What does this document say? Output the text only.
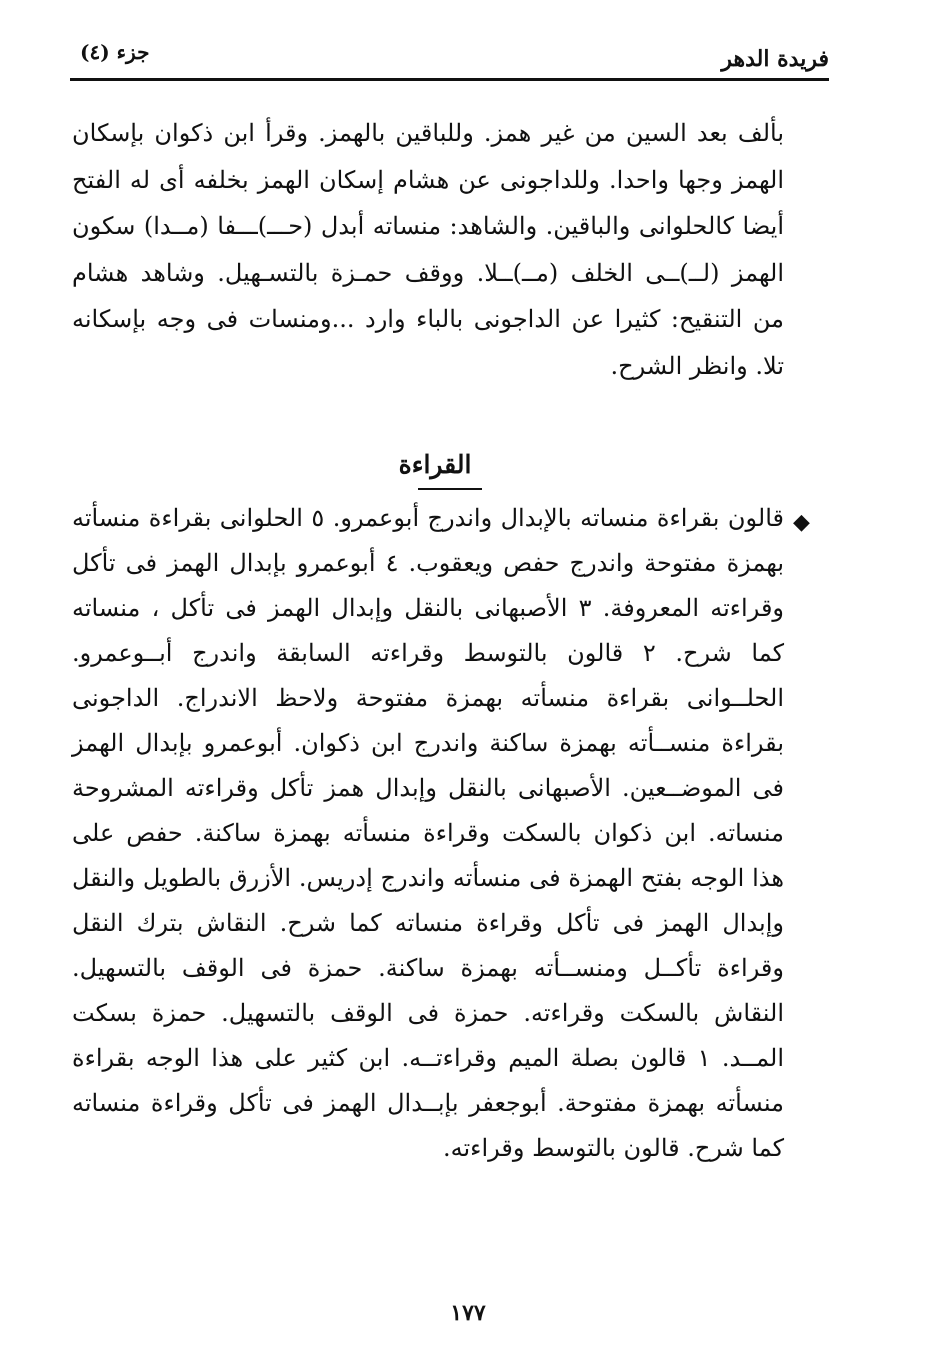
جزء (٤)	فريدة الدهر
بألف بعد السين من غير همز. وللباقين بالهمز. وقرأ ابن ذكوان بإسكان الهمز وجها واحدا. وللداجونى عن هشام إسكان الهمز بخلفه أى له الفتح أيضا كالحلوانى والباقين. والشاهد: منساته أبدل (حـــ)ـــفا (مــدا) سكون الهمز (لــ)ــى الخلف (مــ)ــلا. ووقف حمـزة بالتسـهيل. وشاهد هشام من التنقيح: كثيرا عن الداجونى بالباء وارد ...ومنسات فى وجه بإسكانه تلا. وانظر الشرح.
القراءة
◆
قالون بقراءة منساته بالإبدال واندرج أبوعمرو. ٥ الحلوانى بقراءة منسأته بهمزة مفتوحة واندرج حفص ويعقوب. ٤ أبوعمرو بإبدال الهمز فى تأكل وقراءته المعروفة. ٣ الأصبهانى بالنقل وإبدال الهمز فى تأكل ، منساته كما شرح. ٢ قالون بالتوسط وقراءته السابقة واندرج أبــوعمرو. الحلــوانى بقراءة منسأته بهمزة مفتوحة ولاحظ الاندراج. الداجونى بقراءة منســأته بهمزة ساكنة واندرج ابن ذكوان. أبوعمرو بإبدال الهمز فى الموضــعين. الأصبهانى بالنقل وإبدال همز تأكل وقراءته المشروحة منساته. ابن ذكوان بالسكت وقراءة منسأته بهمزة ساكنة. حفص على هذا الوجه بفتح الهمزة فى منسأته واندرج إدريس. الأزرق بالطويل والنقل وإبدال الهمز فى تأكل وقراءة منساته كما شرح. النقاش بترك النقل وقراءة تأكــل ومنســأته بهمزة ساكنة. حمزة فى الوقف بالتسهيل. النقاش بالسكت وقراءته. حمزة فى الوقف بالتسهيل. حمزة بسكت المــد. ١ قالون بصلة الميم وقراءتــه. ابن كثير على هذا الوجه بقراءة منسأته بهمزة مفتوحة. أبوجعفر بإبــدال الهمز فى تأكل وقراءة منساته كما شرح. قالون بالتوسط وقراءته.
١٧٧
